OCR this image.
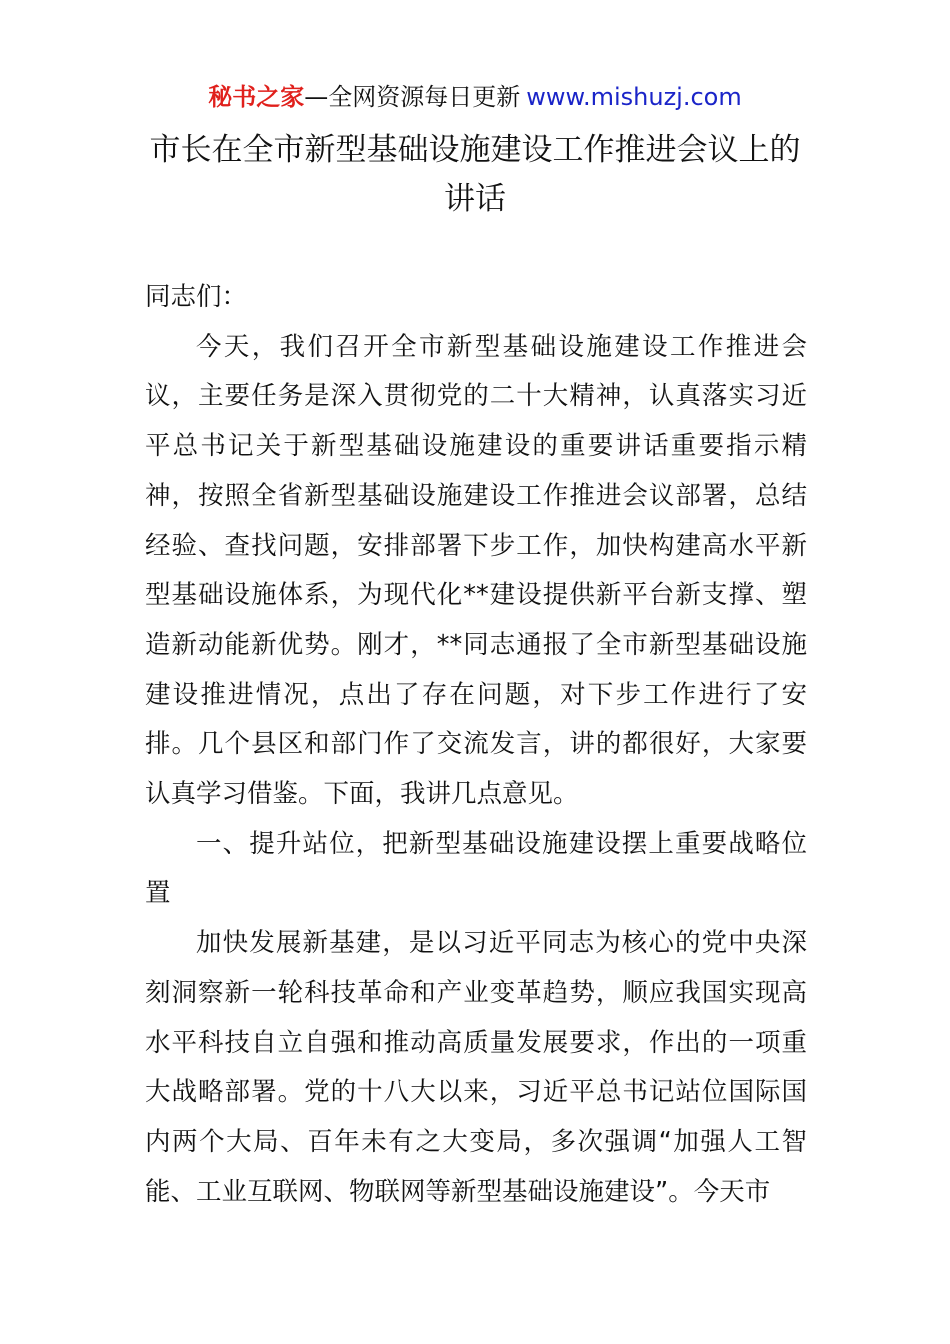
秘书之家—全网资源每日更新 www.mishuzj.com
市长在全市新型基础设施建设工作推进会议上的讲话

同志们：

今天，我们召开全市新型基础设施建设工作推进会议，主要任务是深入贯彻党的二十大精神，认真落实习近平总书记关于新型基础设施建设的重要讲话重要指示精神，按照全省新型基础设施建设工作推进会议部署，总结经验、查找问题，安排部署下步工作，加快构建高水平新型基础设施体系，为现代化**建设提供新平台新支撑、塑造新动能新优势。刚才，**同志通报了全市新型基础设施建设推进情况，点出了存在问题，对下步工作进行了安排。几个县区和部门作了交流发言，讲的都很好，大家要认真学习借鉴。下面，我讲几点意见。

一、提升站位，把新型基础设施建设摆上重要战略位置

加快发展新基建，是以习近平同志为核心的党中央深刻洞察新一轮科技革命和产业变革趋势，顺应我国实现高水平科技自立自强和推动高质量发展要求，作出的一项重大战略部署。党的十八大以来，习近平总书记站位国际国内两个大局、百年未有之大变局，多次强调“加强人工智能、工业互联网、物联网等新型基础设施建设”。今天市
